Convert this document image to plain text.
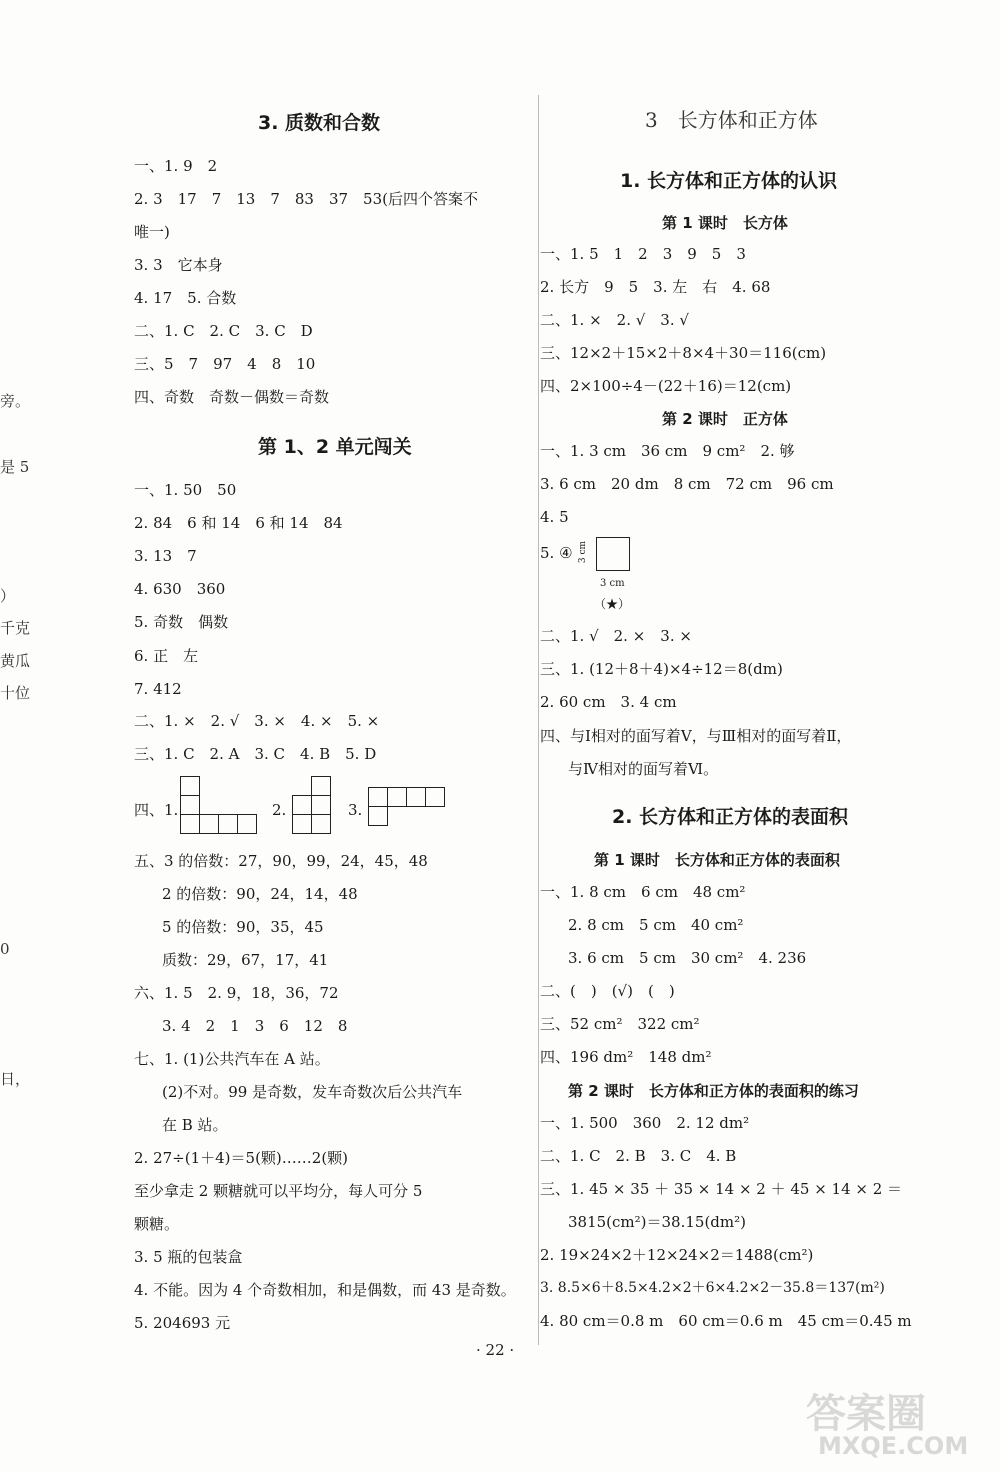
旁。
是 5
）
千克
黄瓜
十位
0
日，
3. 质数和合数
一、1. 9　2
2. 3　17　7　13　7　83　37　53(后四个答案不
唯一)
3. 3　它本身
4. 17　5. 合数
二、1. C　2. C　3. C　D
三、5　7　97　4　8　10
四、奇数　奇数－偶数＝奇数
第 1、2 单元闯关
一、1. 50　50
2. 84　6 和 14　6 和 14　84
3. 13　7
4. 630　360
5. 奇数　偶数
6. 正　左
7. 412
二、1. ×　2. √　3. ×　4. ×　5. ×
三、1. C　2. A　3. C　4. B　5. D
四、1.	2.	3.
五、3 的倍数：27，90，99，24，45，48
2 的倍数：90，24，14，48
5 的倍数：90，35，45
质数：29，67，17，41
六、1. 5　2. 9，18，36，72
3. 4　2　1　3　6　12　8
七、1. (1)公共汽车在 A 站。
(2)不对。99 是奇数，发车奇数次后公共汽车
在 B 站。
2. 27÷(1＋4)＝5(颗)……2(颗)
至少拿走 2 颗糖就可以平均分，每人可分 5
颗糖。
3. 5 瓶的包装盒
4. 不能。因为 4 个奇数相加，和是偶数，而 43 是奇数。
5. 204693 元
3　长方体和正方体
1. 长方体和正方体的认识
第 1 课时　长方体
一、1. 5　1　2　3　9　5　3
2. 长方　9　5　3. 左　右　4. 68
二、1. ×　2. √　3. √
三、12×2＋15×2＋8×4＋30＝116(cm)
四、2×100÷4－(22＋16)＝12(cm)
第 2 课时　正方体
一、1. 3 cm　36 cm　9 cm²　2. 够
3. 6 cm　20 dm　8 cm　72 cm　96 cm
4. 5
5. ④ 3 cm
3 cm
（★）
二、1. √　2. ×　3. ×
三、1. (12＋8＋4)×4÷12＝8(dm)
2. 60 cm　3. 4 cm
四、与Ⅰ相对的面写着Ⅴ，与Ⅲ相对的面写着Ⅱ，
与Ⅳ相对的面写着Ⅵ。
2. 长方体和正方体的表面积
第 1 课时　长方体和正方体的表面积
一、1. 8 cm　6 cm　48 cm²
2. 8 cm　5 cm　40 cm²
3. 6 cm　5 cm　30 cm²　4. 236
二、(　)　(√)　(　)
三、52 cm²　322 cm²
四、196 dm²　148 dm²
第 2 课时　长方体和正方体的表面积的练习
一、1. 500　360　2. 12 dm²
二、1. C　2. B　3. C　4. B
三、1. 45 × 35 ＋ 35 × 14 × 2 ＋ 45 × 14 × 2 ＝
3815(cm²)＝38.15(dm²)
2. 19×24×2＋12×24×2＝1488(cm²)
3. 8.5×6＋8.5×4.2×2＋6×4.2×2－35.8＝137(m²)
4. 80 cm＝0.8 m　60 cm＝0.6 m　45 cm＝0.45 m
· 22 ·
答案圈
MXQE.COM
